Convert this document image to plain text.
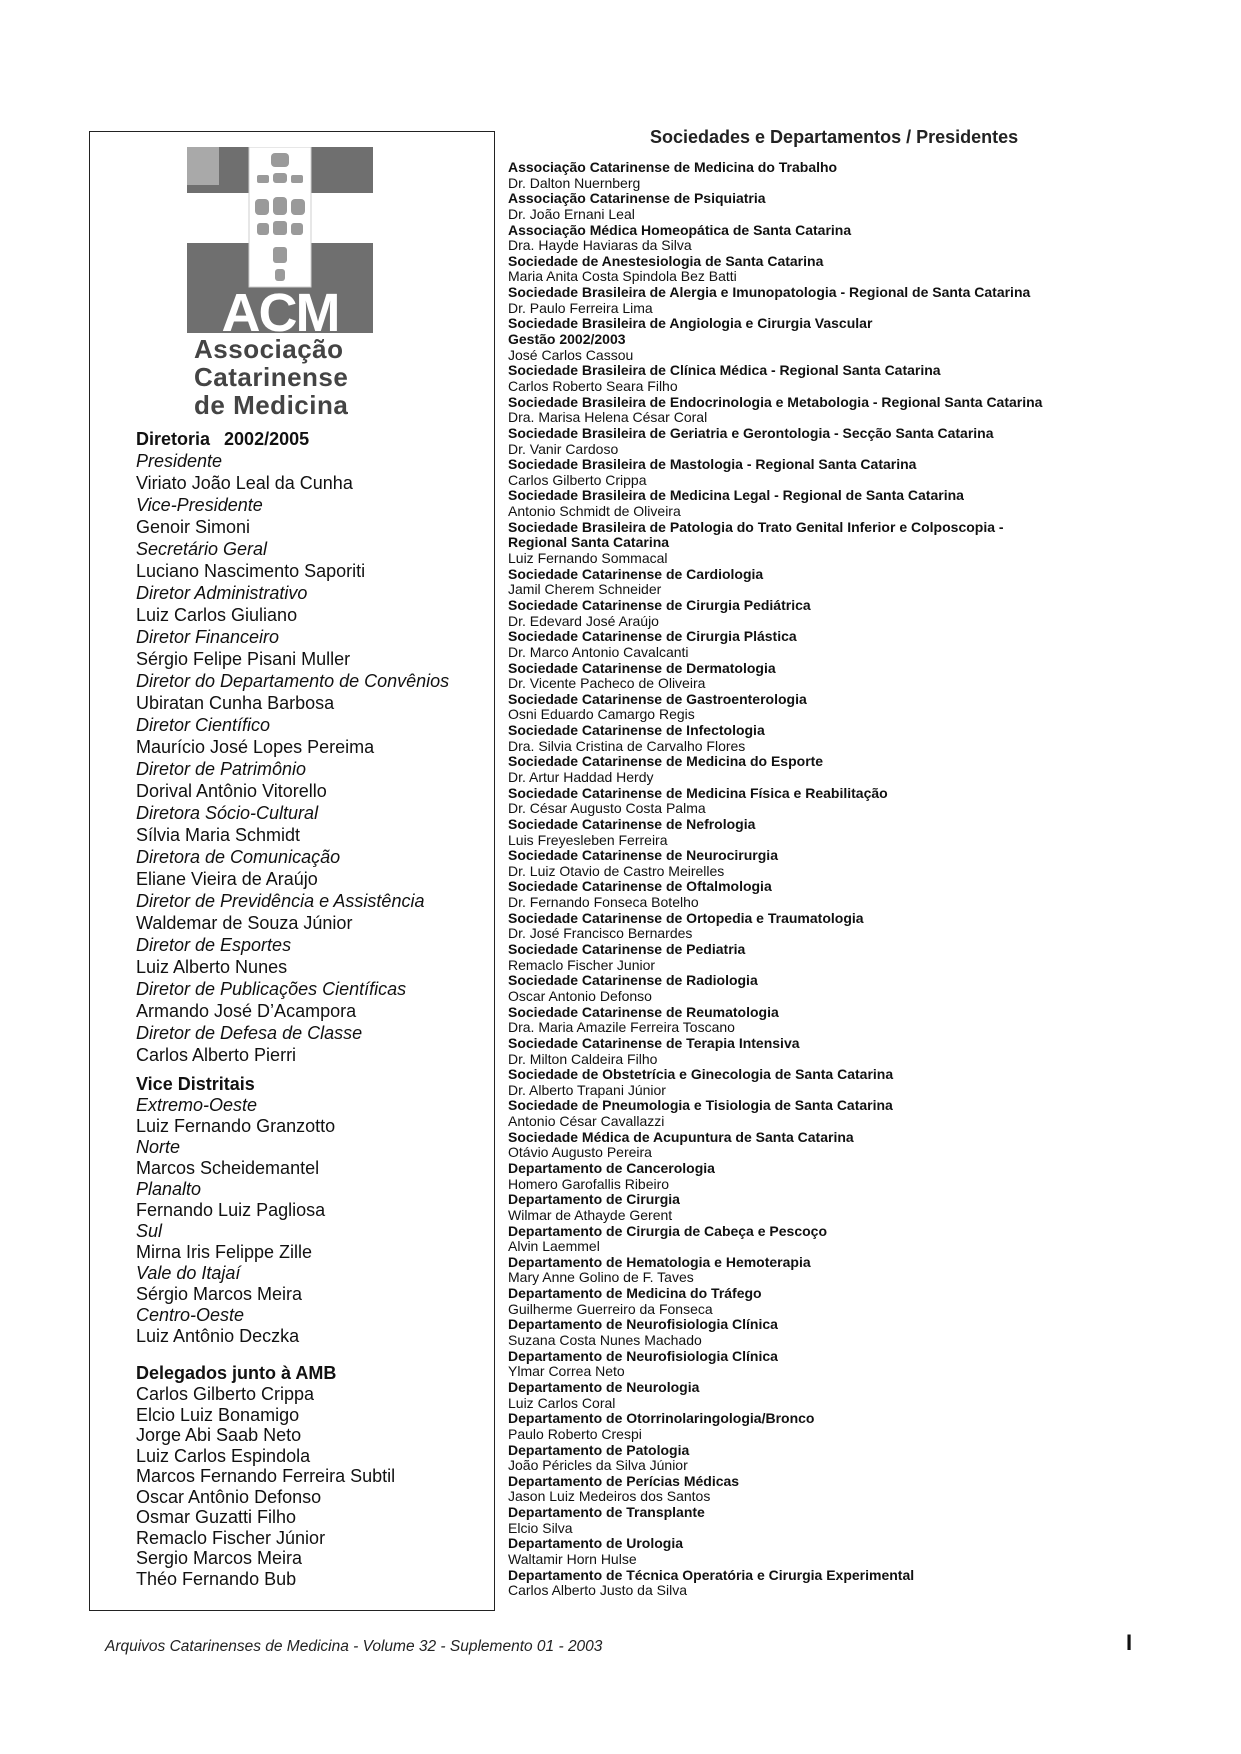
ACM
Associação
Catarinense
de Medicina
Diretoria 2002/2005
Presidente
Viriato João Leal da Cunha
Vice-Presidente
Genoir Simoni
Secretário Geral
Luciano Nascimento Saporiti
Diretor Administrativo
Luiz Carlos Giuliano
Diretor Financeiro
Sérgio Felipe Pisani Muller
Diretor do Departamento de Convênios
Ubiratan Cunha Barbosa
Diretor Científico
Maurício José Lopes Pereima
Diretor de Patrimônio
Dorival Antônio Vitorello
Diretora Sócio-Cultural
Sílvia Maria Schmidt
Diretora de Comunicação
Eliane Vieira de Araújo
Diretor de Previdência e Assistência
Waldemar de Souza Júnior
Diretor de Esportes
Luiz Alberto Nunes
Diretor de Publicações Científicas
Armando José D’Acampora
Diretor de Defesa de Classe
Carlos Alberto Pierri
Vice Distritais
Extremo-Oeste
Luiz Fernando Granzotto
Norte
Marcos Scheidemantel
Planalto
Fernando Luiz Pagliosa
Sul
Mirna Iris Felippe Zille
Vale do Itajaí
Sérgio Marcos Meira
Centro-Oeste
Luiz Antônio Deczka
Delegados junto à AMB
Carlos Gilberto Crippa
Elcio Luiz Bonamigo
Jorge Abi Saab Neto
Luiz Carlos Espindola
Marcos Fernando Ferreira Subtil
Oscar Antônio Defonso
Osmar Guzatti Filho
Remaclo Fischer Júnior
Sergio Marcos Meira
Théo Fernando Bub
Sociedades e Departamentos / Presidentes
Associação Catarinense de Medicina do Trabalho
Dr. Dalton Nuernberg
Associação Catarinense de Psiquiatria
Dr. João Ernani Leal
Associação Médica Homeopática de Santa Catarina
Dra. Hayde Haviaras da Silva
Sociedade de Anestesiologia de Santa Catarina
Maria Anita Costa Spindola Bez Batti
Sociedade Brasileira de Alergia e Imunopatologia - Regional de Santa Catarina
Dr. Paulo Ferreira Lima
Sociedade Brasileira de Angiologia e Cirurgia Vascular
Gestão 2002/2003
José Carlos Cassou
Sociedade Brasileira de Clínica Médica - Regional Santa Catarina
Carlos Roberto Seara Filho
Sociedade Brasileira de Endocrinologia e Metabologia - Regional Santa Catarina
Dra. Marisa Helena César Coral
Sociedade Brasileira de Geriatria e Gerontologia - Secção Santa Catarina
Dr. Vanir Cardoso
Sociedade Brasileira de Mastologia - Regional Santa Catarina
Carlos Gilberto Crippa
Sociedade Brasileira de Medicina Legal - Regional de Santa Catarina
Antonio Schmidt de Oliveira
Sociedade Brasileira de Patologia do Trato Genital Inferior e Colposcopia -
Regional Santa Catarina
Luiz Fernando Sommacal
Sociedade Catarinense de Cardiologia
Jamil Cherem Schneider
Sociedade Catarinense de Cirurgia Pediátrica
Dr. Edevard José Araújo
Sociedade Catarinense de Cirurgia Plástica
Dr. Marco Antonio Cavalcanti
Sociedade Catarinense de Dermatologia
Dr. Vicente Pacheco de Oliveira
Sociedade Catarinense de Gastroenterologia
Osni Eduardo Camargo Regis
Sociedade Catarinense de Infectologia
Dra. Silvia Cristina de Carvalho Flores
Sociedade Catarinense de Medicina do Esporte
Dr. Artur Haddad Herdy
Sociedade Catarinense de Medicina Física e Reabilitação
Dr. César Augusto Costa Palma
Sociedade Catarinense de Nefrologia
Luis Freyesleben Ferreira
Sociedade Catarinense de Neurocirurgia
Dr. Luiz Otavio de Castro Meirelles
Sociedade Catarinense de Oftalmologia
Dr. Fernando Fonseca Botelho
Sociedade Catarinense de Ortopedia e Traumatologia
Dr. José Francisco Bernardes
Sociedade Catarinense de Pediatria
Remaclo Fischer Junior
Sociedade Catarinense de Radiologia
Oscar Antonio Defonso
Sociedade Catarinense de Reumatologia
Dra. Maria Amazile Ferreira Toscano
Sociedade Catarinense de Terapia Intensiva
Dr. Milton Caldeira Filho
Sociedade de Obstetrícia e Ginecologia de Santa Catarina
Dr. Alberto Trapani Júnior
Sociedade de Pneumologia e Tisiologia de Santa Catarina
Antonio César Cavallazzi
Sociedade Médica de Acupuntura de Santa Catarina
Otávio Augusto Pereira
Departamento de Cancerologia
Homero Garofallis Ribeiro
Departamento de Cirurgia
Wilmar de Athayde Gerent
Departamento de Cirurgia de Cabeça e Pescoço
Alvin Laemmel
Departamento de Hematologia e Hemoterapia
Mary Anne Golino de F. Taves
Departamento de Medicina do Tráfego
Guilherme Guerreiro da Fonseca
Departamento de Neurofisiologia Clínica
Suzana Costa Nunes Machado
Departamento de Neurofisiologia Clínica
Ylmar Correa Neto
Departamento de Neurologia
Luiz Carlos Coral
Departamento de Otorrinolaringologia/Bronco
Paulo Roberto Crespi
Departamento de Patologia
João Péricles da Silva Júnior
Departamento de Perícias Médicas
Jason Luiz Medeiros dos Santos
Departamento de Transplante
Elcio Silva
Departamento de Urologia
Waltamir Horn Hulse
Departamento de Técnica Operatória e Cirurgia Experimental
Carlos Alberto Justo da Silva
Arquivos Catarinenses de Medicina - Volume 32 - Suplemento 01 - 2003	I
